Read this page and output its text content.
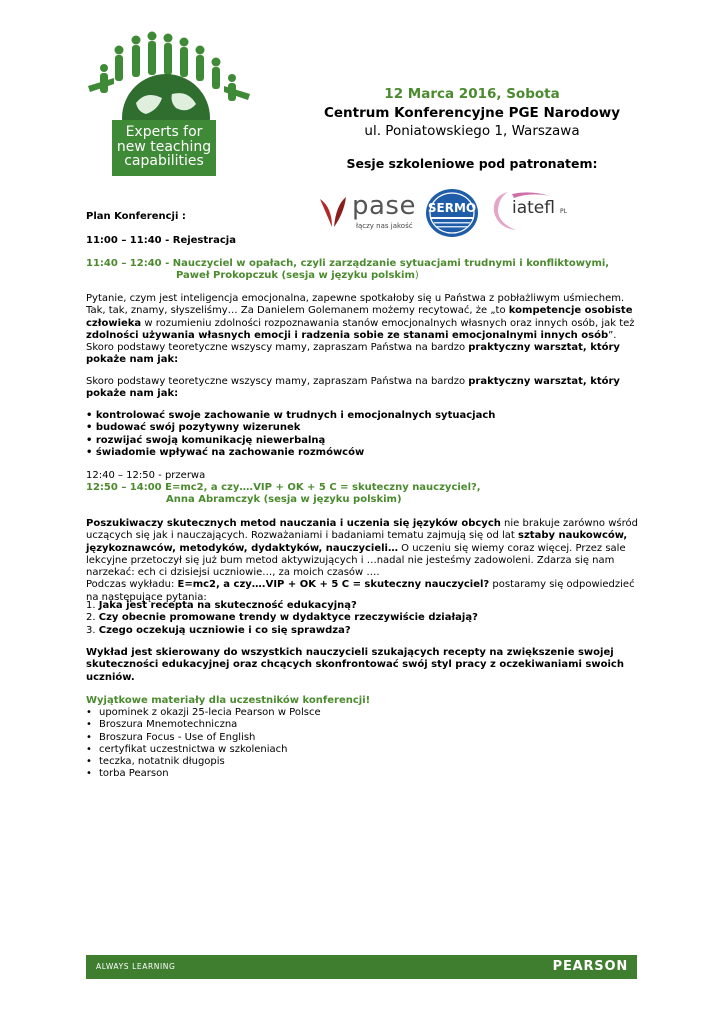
Experts for
new teaching
capabilities
12 Marca 2016, Sobota
Centrum Konferencyjne PGE Narodowy
ul. Poniatowskiego 1, Warszawa
Sesje szkoleniowe pod patronatem:
pase
łączy nas jakość
SERMO iatefl PL
Plan Konferencji :
11:00 – 11:40 - Rejestracja
11:40 – 12:40 - Nauczyciel w opałach, czyli zarządzanie sytuacjami trudnymi i konfliktowymi,
Paweł Prokopczuk (sesja w języku polskim)
Pytanie, czym jest inteligencja emocjonalna, zapewne spotkałoby się u Państwa z pobłażliwym uśmiechem. Tak, tak, znamy, słyszeliśmy… Za Danielem Golemanem możemy recytować, że „to kompetencje osobiste człowieka w rozumieniu zdolności rozpoznawania stanów emocjonalnych własnych oraz innych osób, jak też zdolności używania własnych emocji i radzenia sobie ze stanami emocjonalnymi innych osób”. Skoro podstawy teoretyczne wszyscy mamy, zapraszam Państwa na bardzo praktyczny warsztat, który pokaże nam jak:
Skoro podstawy teoretyczne wszyscy mamy, zapraszam Państwa na bardzo praktyczny warsztat, który pokaże nam jak:
• kontrolować swoje zachowanie w trudnych i emocjonalnych sytuacjach
• budować swój pozytywny wizerunek
• rozwijać swoją komunikację niewerbalną
• świadomie wpływać na zachowanie rozmówców
12:40 – 12:50 - przerwa
12:50 – 14:00 E=mc2, a czy….VIP + OK + 5 C = skuteczny nauczyciel?,
Anna Abramczyk (sesja w języku polskim)
Poszukiwaczy skutecznych metod nauczania i uczenia się języków obcych nie brakuje zarówno wśród uczących się jak i nauczających. Rozważaniami i badaniami tematu zajmują się od lat sztaby naukowców, językoznawców, metodyków, dydaktyków, nauczycieli… O uczeniu się wiemy coraz więcej. Przez sale lekcyjne przetoczył się już bum metod aktywizujących i …nadal nie jesteśmy zadowoleni. Zdarza się nam narzekać: ech ci dzisiejsi uczniowie…, za moich czasów ….
Podczas wykładu: E=mc2, a czy….VIP + OK + 5 C = skuteczny nauczyciel? postaramy się odpowiedzieć na następujące pytania:
1. Jaka jest recepta na skuteczność edukacyjną?
2. Czy obecnie promowane trendy w dydaktyce rzeczywiście działają?
3. Czego oczekują uczniowie i co się sprawdza?
Wykład jest skierowany do wszystkich nauczycieli szukających recepty na zwiększenie swojej skuteczności edukacyjnej oraz chcących skonfrontować swój styl pracy z oczekiwaniami swoich uczniów.
Wyjątkowe materiały dla uczestników konferencji!
• upominek z okazji 25-lecia Pearson w Polsce
• Broszura Mnemotechniczna
• Broszura Focus - Use of English
• certyfikat uczestnictwa w szkoleniach
• teczka, notatnik długopis
• torba Pearson
ALWAYS LEARNING	PEARSON
